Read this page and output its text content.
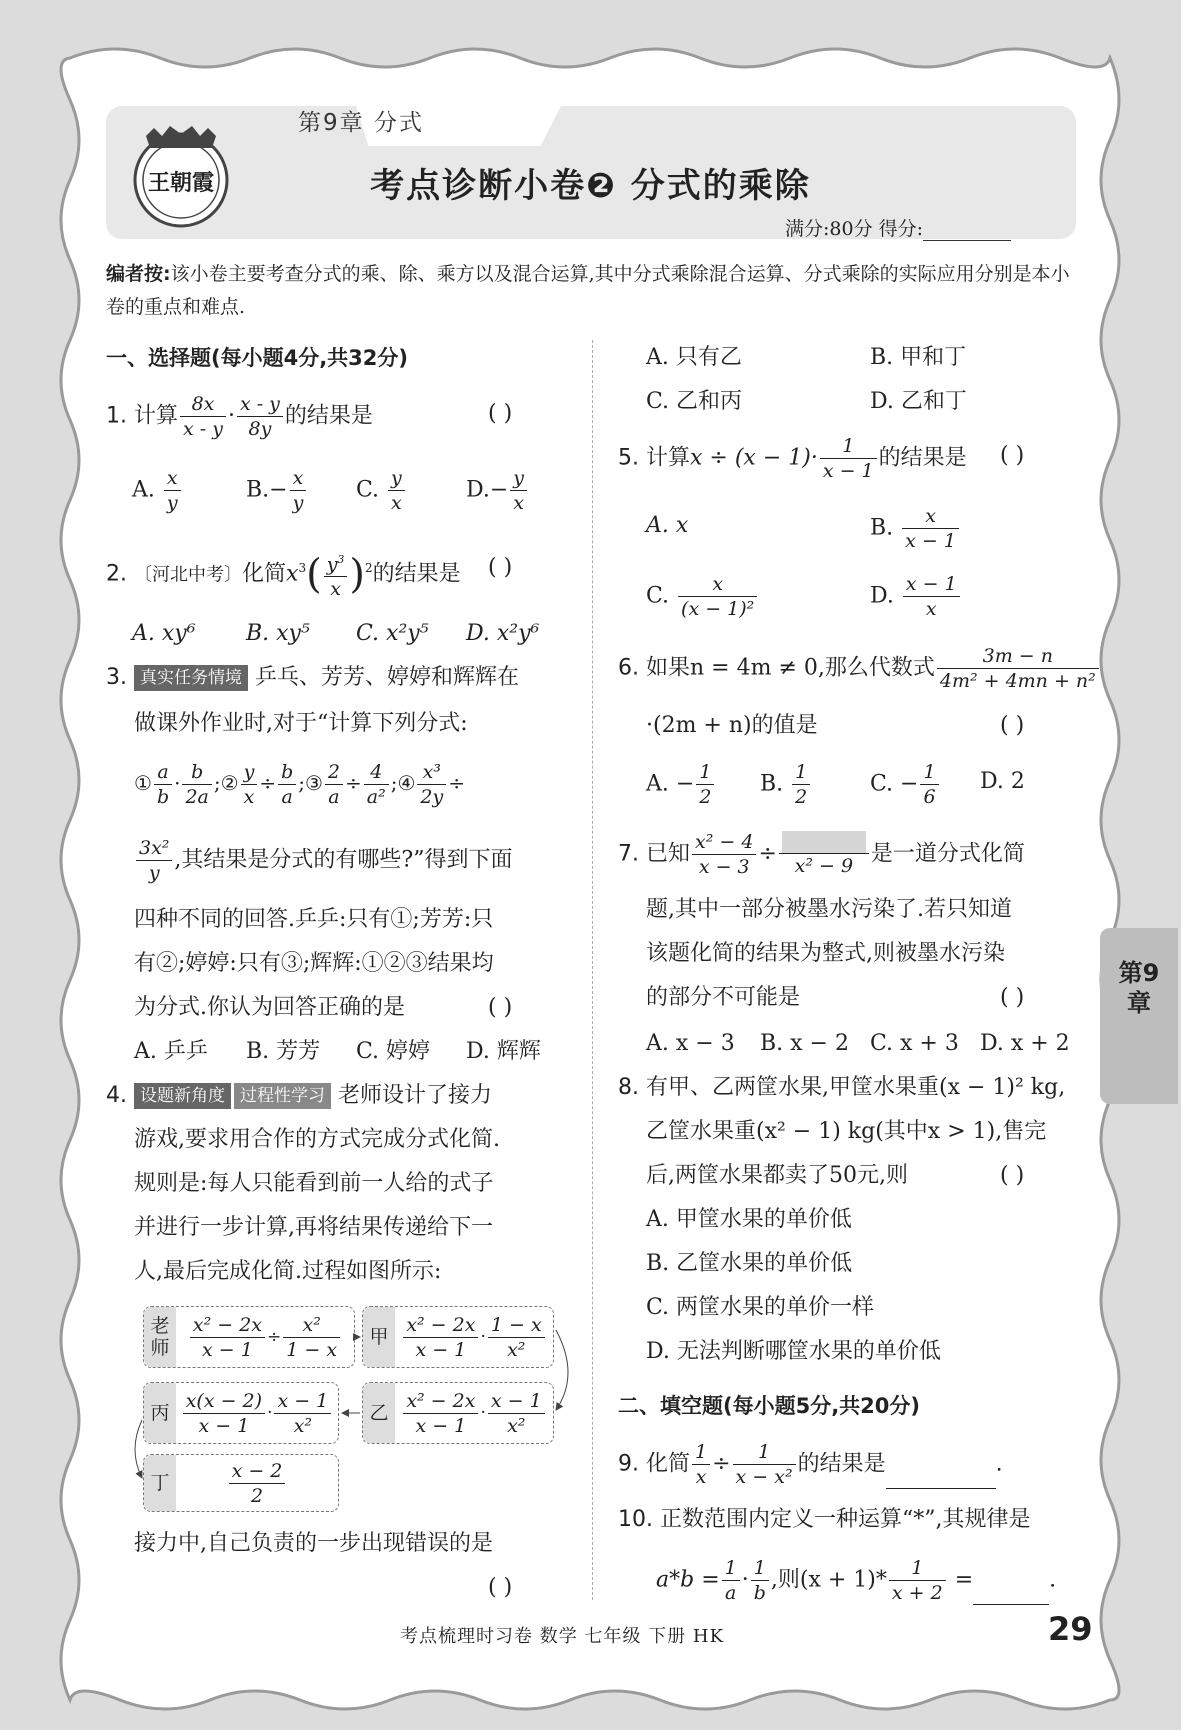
王朝霞
第9章 分式
考点诊断小卷❷ 分式的乘除
满分:80分 得分:
编者按:该小卷主要考查分式的乘、除、乘方以及混合运算,其中分式乘除混合运算、分式乘除的实际应用分别是本小卷的重点和难点.

一、选择题(每小题4分,共32分)

1. 计算 $\frac{8x}{x - y} \cdot \frac{x - y}{8y}$ 的结果是	( )

A. $\frac{x}{y}$	$B.- \frac{x}{y} C$. $\frac{y}{x}$	$D.- \frac{y}{x}$

2. 〔河北中考〕化简$x^3( \frac{y^3}{x} )^2$的结果是 ( )

A. xy⁶ B. xy⁵ C. x²y⁵ D. x²y⁶

3. 真实任务情境 乒乓、芳芳、婷婷和辉辉在

做课外作业时,对于“计算下列分式:

① $\frac{a}{b} \cdot \frac{b}{2a}$ ;② $\frac{y}{x} \div \frac{b}{a}$ ;③ $\frac{2}{a} \div \frac{4}{\text{a²}}$ ;④ $\frac{\text{x³}}{2y}$ ÷

$\frac{\text{3x²}}{y}$ ,其结果是分式的有哪些?”得到下面

四种不同的回答.乒乒:只有①;芳芳:只

有②;婷婷:只有③;辉辉:①②③结果均

为分式.你认为回答正确的是	( )

A. 乒乒 B. 芳芳 C. 婷婷 D. 辉辉

4. 设题新角度 过程性学习 老师设计了接力

游戏,要求用合作的方式完成分式化简.

规则是:每人只能看到前一人给的式子

并进行一步计算,再将结果传递给下一

人,最后完成化简.过程如图所示:

接力中,自己负责的一步出现错误的是

( )

老师	$\frac{\text{x² − 2x}}{x - 1} \div \frac{\text{x²}}{1 - x}$	甲 $\frac{\text{x² − 2x}}{x - 1} \cdot \frac{1 - x}{\text{x²}}$
乙 $\frac{\text{x² − 2x}}{x - 1} \cdot \frac{x - 1}{\text{x²}}$
丙 $\frac{x(x - 2)}{x - 1} \cdot \frac{x - 1}{\text{x²}}$
丁	$\frac{x - 2}{2}$

A. 只有乙	B. 甲和丁

C. 乙和丙	D. 乙和丁

5. 计算$x \div (x - 1)\cdot \frac{1}{x - 1}$ 的结果是 ( )

A. x	B. $\frac{x}{x - 1}$

C. $\frac{x}{\text{(x − 1)²}}$	D. $\frac{x - 1}{x}$

6. 如果n = 4m ≠ 0,那么代数式 $\frac{3m - n}{\text{4m² + 4mn + n²}}$

·(2m + n)的值是	( )

A. − $\frac{1}{2} B$. $\frac{1}{2}$	C. − $\frac{1}{6} D$. 2

7. 已知 $\frac{\text{x² − 4}}{x - 3} \div x^2 - 9$ 是一道分式化简

题,其中一部分被墨水污染了.若只知道

该题化简的结果为整式,则被墨水污染

的部分不可能是	( )

A. x − 3 B. x − 2 C. x + 3 D. x + 2

8. 有甲、乙两筐水果,甲筐水果重(x − 1)² kg,

乙筐水果重(x² − 1) kg(其中x > 1),售完

后,两筐水果都卖了50元,则	( )

A. 甲筐水果的单价低

B. 乙筐水果的单价低

C. 两筐水果的单价一样

D. 无法判断哪筐水果的单价低

二、填空题(每小题5分,共20分)

9. 化简 $\frac{1}{x} \div \frac{1}{\text{x − x²}}$ 的结果是	.

10. 正数范围内定义一种运算“*”,其规律是

$a*b = \frac{1}{a} \cdot \frac{1}{b}$ ,则$(x + 1)* \frac{1}{x + 2}$ =	.

第9章
考点梳理时习卷 数学 七年级 下册 HK	29
